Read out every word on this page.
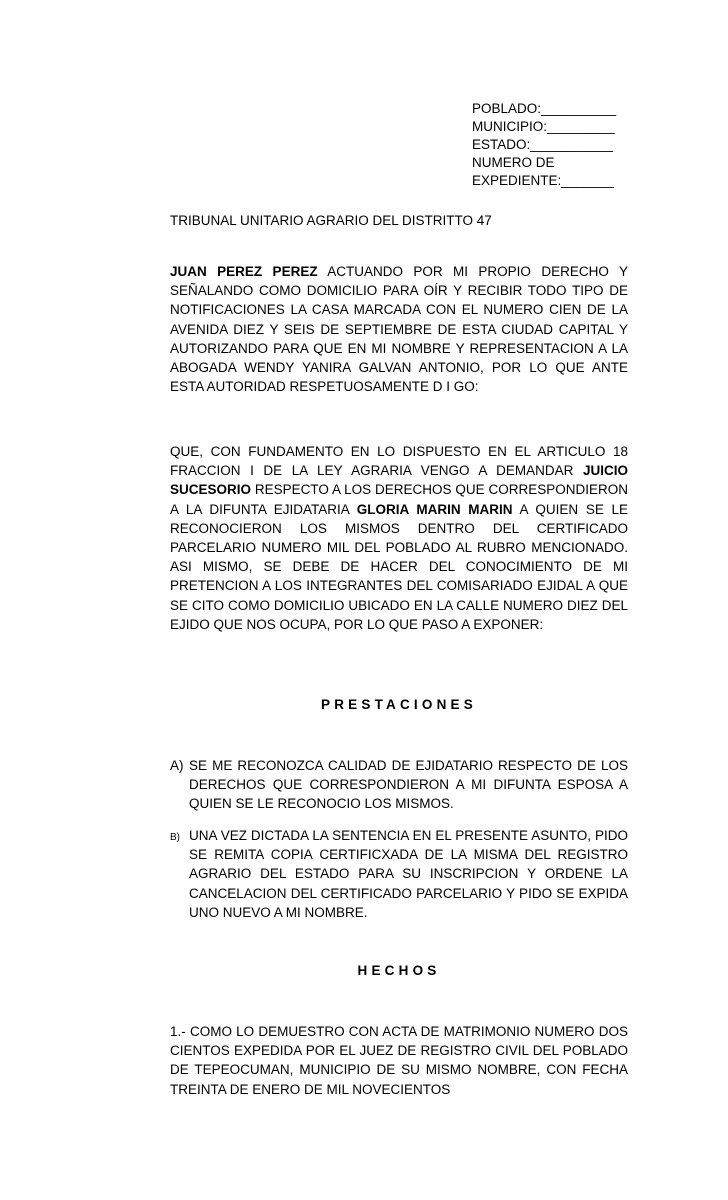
POBLADO:__________
MUNICIPIO:_________
ESTADO:___________
NUMERO DE
EXPEDIENTE:_______
TRIBUNAL UNITARIO AGRARIO DEL DISTRITTO 47

JUAN PEREZ PEREZ ACTUANDO POR MI PROPIO DERECHO Y SEÑALANDO COMO DOMICILIO PARA OÍR Y RECIBIR TODO TIPO DE NOTIFICACIONES LA CASA MARCADA CON EL NUMERO CIEN DE LA AVENIDA DIEZ Y SEIS DE SEPTIEMBRE DE ESTA CIUDAD CAPITAL Y AUTORIZANDO PARA QUE EN MI NOMBRE Y REPRESENTACION A LA ABOGADA WENDY YANIRA GALVAN ANTONIO, POR LO QUE ANTE ESTA AUTORIDAD RESPETUOSAMENTE D I GO:

QUE, CON FUNDAMENTO EN LO DISPUESTO EN EL ARTICULO 18 FRACCION I DE LA LEY AGRARIA VENGO A DEMANDAR JUICIO SUCESORIO RESPECTO A LOS DERECHOS QUE CORRESPONDIERON A LA DIFUNTA EJIDATARIA GLORIA MARIN MARIN A QUIEN SE LE RECONOCIERON LOS MISMOS DENTRO DEL CERTIFICADO PARCELARIO NUMERO MIL DEL POBLADO AL RUBRO MENCIONADO. ASI MISMO, SE DEBE DE HACER DEL CONOCIMIENTO DE MI PRETENCION A LOS INTEGRANTES DEL COMISARIADO EJIDAL A QUE SE CITO COMO DOMICILIO UBICADO EN LA CALLE NUMERO DIEZ DEL EJIDO QUE NOS OCUPA, POR LO QUE PASO A EXPONER:

PRESTACIONES
A) SE ME RECONOZCA CALIDAD DE EJIDATARIO RESPECTO DE LOS DERECHOS QUE CORRESPONDIERON A MI DIFUNTA ESPOSA A QUIEN SE LE RECONOCIO LOS MISMOS.
B) UNA VEZ DICTADA LA SENTENCIA EN EL PRESENTE ASUNTO, PIDO SE REMITA COPIA CERTIFICXADA DE LA MISMA DEL REGISTRO AGRARIO DEL ESTADO PARA SU INSCRIPCION Y ORDENE LA CANCELACION DEL CERTIFICADO PARCELARIO Y PIDO SE EXPIDA UNO NUEVO A MI NOMBRE.
HECHOS

1.- COMO LO DEMUESTRO CON ACTA DE MATRIMONIO NUMERO DOS CIENTOS EXPEDIDA POR EL JUEZ DE REGISTRO CIVIL DEL POBLADO DE TEPEOCUMAN, MUNICIPIO DE SU MISMO NOMBRE, CON FECHA TREINTA DE ENERO DE MIL NOVECIENTOS
